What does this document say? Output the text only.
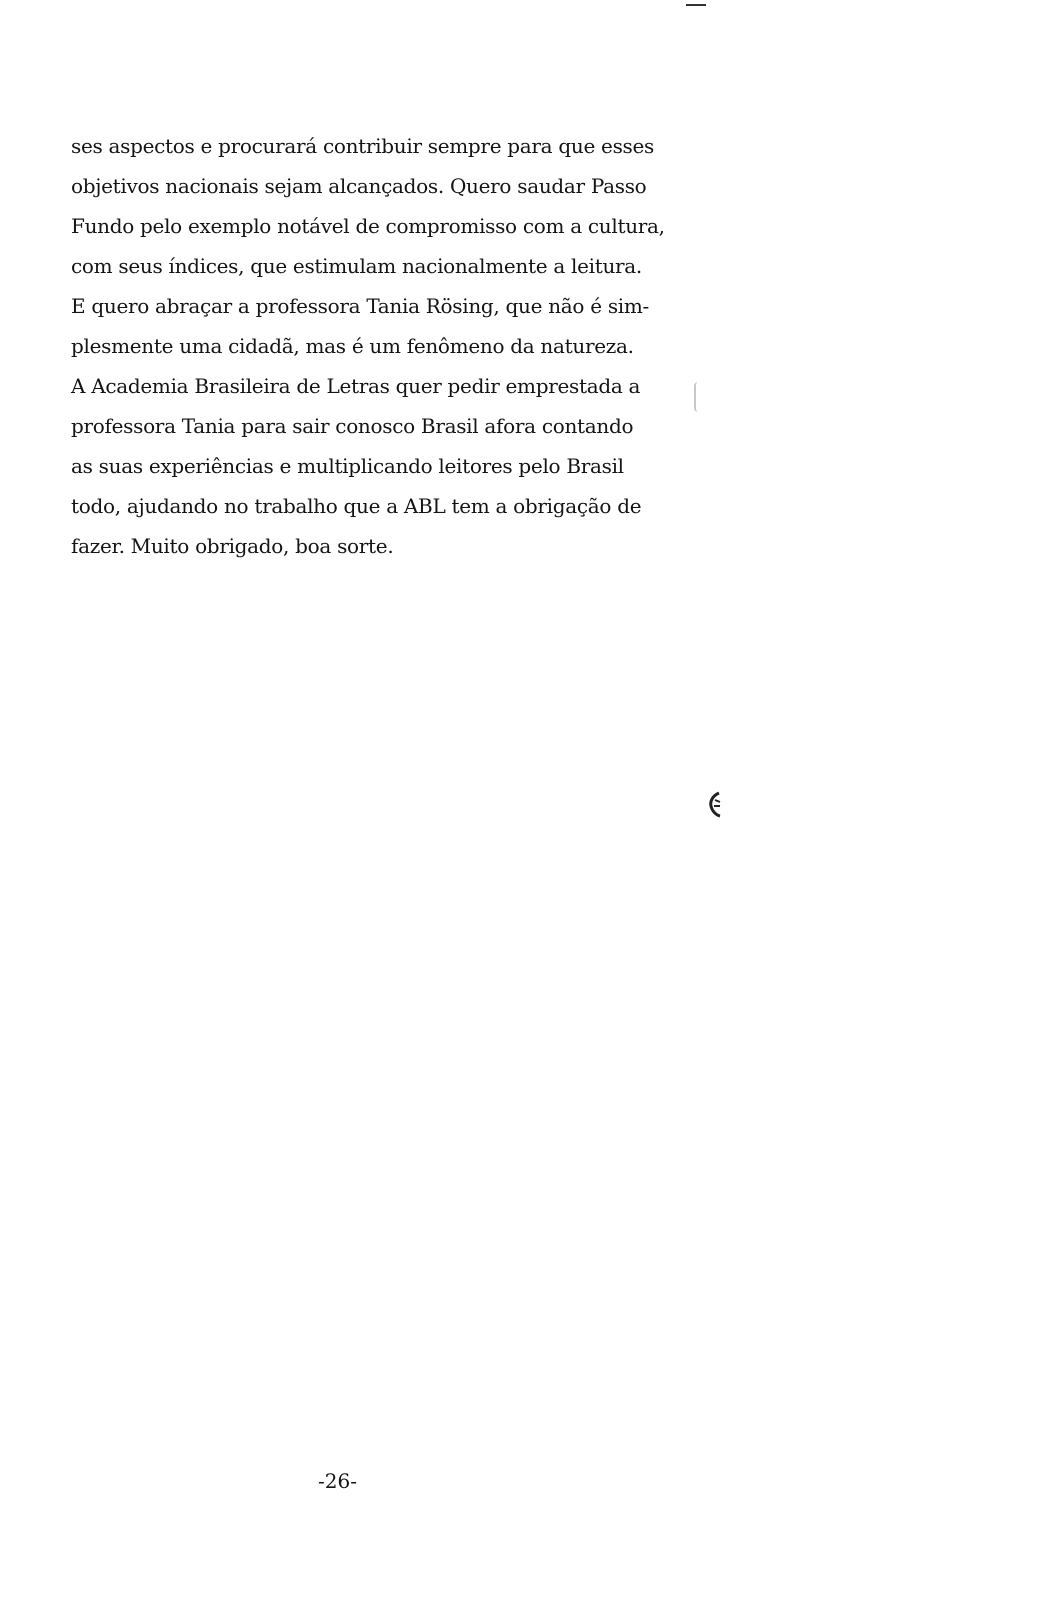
ses aspectos e procurará contribuir sempre para que esses
objetivos nacionais sejam alcançados. Quero saudar Passo
Fundo pelo exemplo notável de compromisso com a cultura,
com seus índices, que estimulam nacionalmente a leitura.
E quero abraçar a professora Tania Rösing, que não é sim-
plesmente uma cidadã, mas é um fenômeno da natureza.
A Academia Brasileira de Letras quer pedir emprestada a
professora Tania para sair conosco Brasil afora contando
as suas experiências e multiplicando leitores pelo Brasil
todo, ajudando no trabalho que a ABL tem a obrigação de
fazer. Muito obrigado, boa sorte.
-26-
